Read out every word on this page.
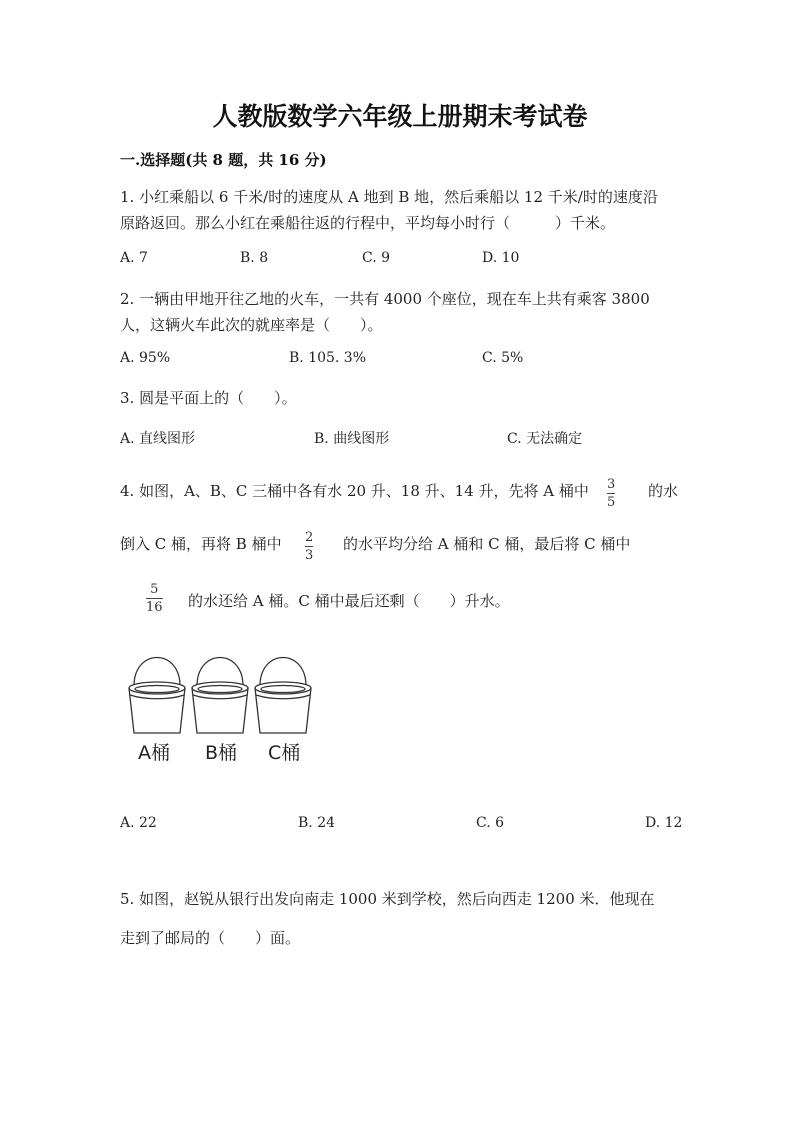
人教版数学六年级上册期末考试卷
一.选择题(共 8 题，共 16 分)
1. 小红乘船以 6 千米/时的速度从 A 地到 B 地，然后乘船以 12 千米/时的速度沿
原路返回。那么小红在乘船往返的行程中，平均每小时行（　　　）千米。
A. 7	B. 8	C. 9	D. 10
2. 一辆由甲地开往乙地的火车，一共有 4000 个座位，现在车上共有乘客 3800
人，这辆火车此次的就座率是（　　）。
A. 95%	B. 105. 3%	C. 5%
3. 圆是平面上的（　　）。
A. 直线图形	B. 曲线图形	C. 无法确定
4. 如图，A、B、C 三桶中各有水 20 升、18 升、14 升，先将 A 桶中 3
5
的水
倒入 C 桶，再将 B 桶中 2
3
的水平均分给 A 桶和 C 桶，最后将 C 桶中
5
16 的水还给 A 桶。C 桶中最后还剩（　　）升水。
A桶 B桶 C桶
A. 22	B. 24	C. 6	D. 12
5. 如图，赵锐从银行出发向南走 1000 米到学校，然后向西走 1200 米．他现在
走到了邮局的（　　）面。
